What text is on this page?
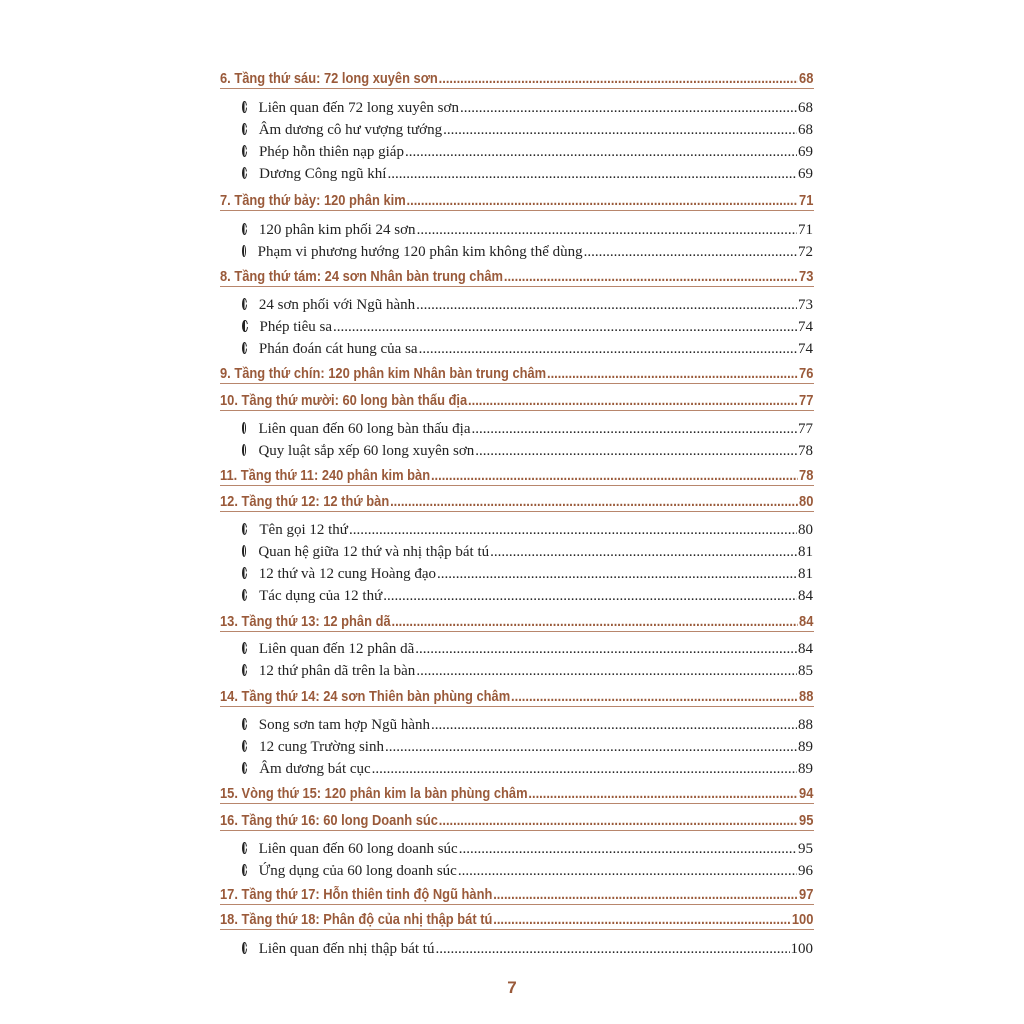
6. Tầng thứ sáu: 72 long xuyên sơn .....	68
Liên quan đến 72 long xuyên sơn .....	68
Âm dương cô hư vượng tướng .....	68
Phép hỗn thiên nạp giáp .....	69
Dương Công ngũ khí .....	69
7. Tầng thứ bảy: 120 phân kim .....	71
120 phân kim phối 24 sơn .....	71
Phạm vi phương hướng 120 phân kim không thể dùng .....	72
8. Tầng thứ tám: 24 sơn Nhân bàn trung châm .....	73
24 sơn phối với Ngũ hành .....	73
Phép tiêu sa .....	74
Phán đoán cát hung của sa .....	74
9. Tầng thứ chín: 120 phân kim Nhân bàn trung châm .....	76
10. Tầng thứ mười: 60 long bàn thấu địa .....	77
Liên quan đến 60 long bàn thấu địa .....	77
Quy luật sắp xếp 60 long xuyên sơn .....	78
11. Tầng thứ 11: 240 phân kim bàn .....	78
12. Tầng thứ 12: 12 thứ bàn .....	80
Tên gọi 12 thứ .....	80
Quan hệ giữa 12 thứ và nhị thập bát tú .....	81
12 thứ và 12 cung Hoàng đạo .....	81
Tác dụng của 12 thứ .....	84
13. Tầng thứ 13: 12 phân dã .....	84
Liên quan đến 12 phân dã .....	84
12 thứ phân dã trên la bàn .....	85
14. Tầng thứ 14: 24 sơn Thiên bàn phùng châm .....	88
Song sơn tam hợp Ngũ hành .....	88
12 cung Trường sinh .....	89
Âm dương bát cục .....	89
15. Vòng thứ 15: 120 phân kim la bàn phùng châm .....	94
16. Tầng thứ 16: 60 long Doanh súc .....	95
Liên quan đến 60 long doanh súc .....	95
Ứng dụng của 60 long doanh súc .....	96
17. Tầng thứ 17: Hỗn thiên tinh độ Ngũ hành .....	97
18. Tầng thứ 18: Phân độ của nhị thập bát tú .....	100
Liên quan đến nhị thập bát tú .....	100
7
